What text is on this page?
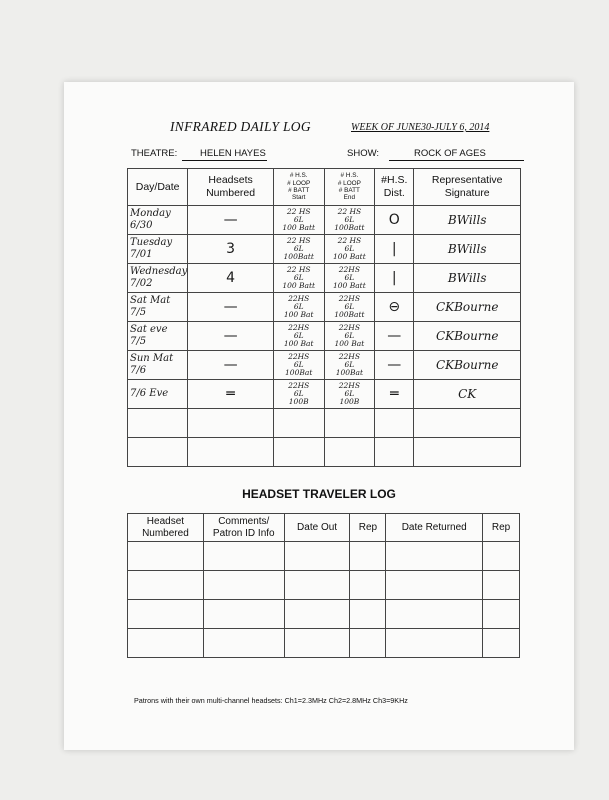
INFRARED DAILY LOG	WEEK OF JUNE30-JULY 6, 2014
THEATRE:	HELEN HAYES	SHOW:	ROCK OF AGES
Day/Date	Headsets Numbered	# H.S.
# LOOP
# BATT
Start	# H.S.
# LOOP
# BATT
End	#H.S. Dist.	Representative Signature
Monday
6/30	—	22 HS
6L
100 Batt	22 HS
6L
100Batt	O	BWills
Tuesday
7/01	3	22 HS
6L
100Batt	22 HS
6L
100 Batt	|	BWills
Wednesday
7/02	4	22 HS
6L
100 Batt	22HS
6L
100 Batt	|	BWills
Sat Mat
7/5	—	22HS
6L
100 Bat	22HS
6L
100Batt	⊖	CKBourne
Sat eve
7/5	—	22HS
6L
100 Bat	22HS
6L
100 Bat	—	CKBourne
Sun Mat
7/6	—	22HS
6L
100Bat	22HS
6L
100Bat	—	CKBourne
7/6 Eve	═	22HS
6L
100B	22HS
6L
100B	═	CK

HEADSET TRAVELER LOG
Headset Numbered	Comments/ Patron ID Info	Date Out	Rep	Date Returned	Rep

Patrons with their own multi-channel headsets: Ch1=2.3MHz Ch2=2.8MHz Ch3=9KHz
